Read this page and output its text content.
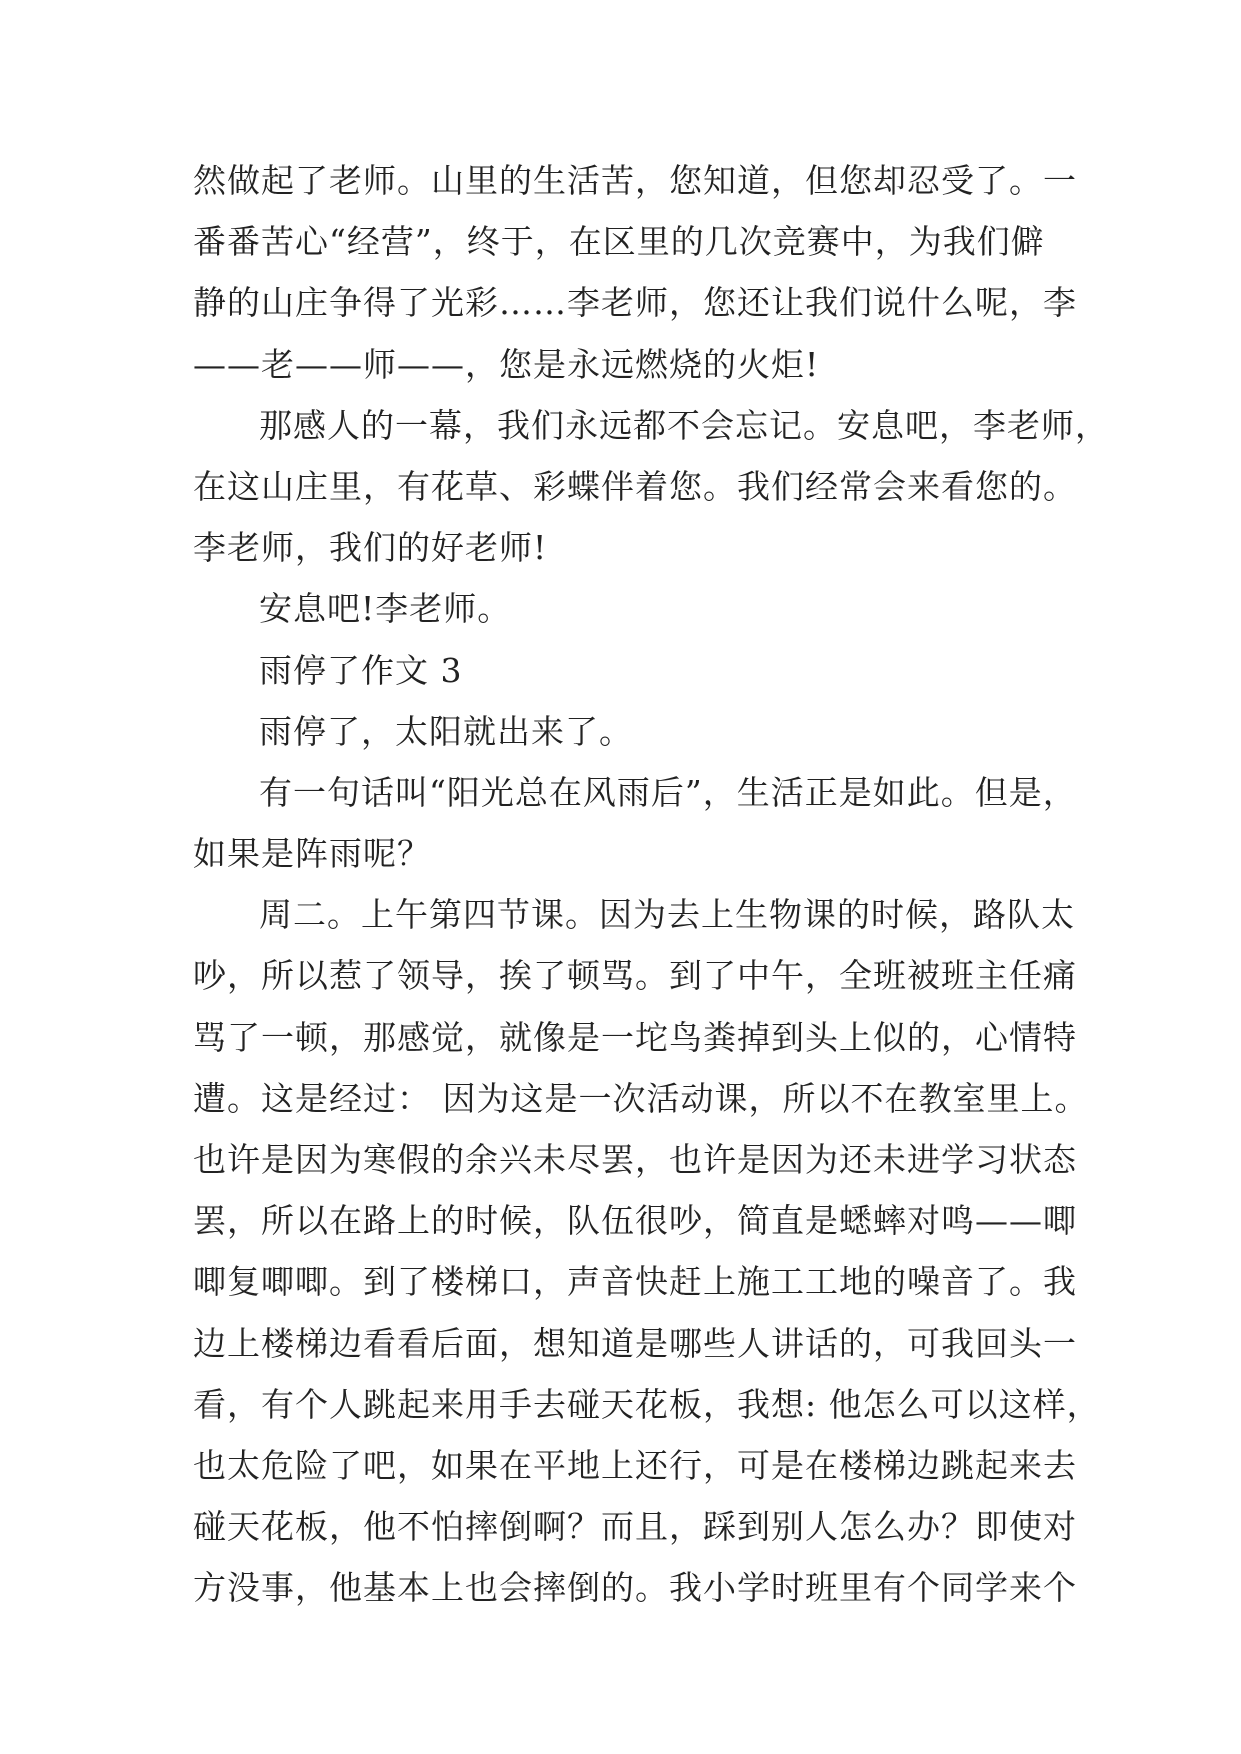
然做起了老师。山里的生活苦，您知道，但您却忍受了。一
番番苦心“经营”，终于，在区里的几次竞赛中，为我们僻
静的山庄争得了光彩……李老师，您还让我们说什么呢，李
——老——师——，您是永远燃烧的火炬!
那感人的一幕，我们永远都不会忘记。安息吧，李老师，
在这山庄里，有花草、彩蝶伴着您。我们经常会来看您的。
李老师，我们的好老师!
安息吧!李老师。
雨停了作文 3
雨停了，太阳就出来了。
有一句话叫“阳光总在风雨后”，生活正是如此。但是，
如果是阵雨呢？
周二。上午第四节课。因为去上生物课的时候，路队太
吵，所以惹了领导，挨了顿骂。到了中午，全班被班主任痛
骂了一顿，那感觉，就像是一坨鸟粪掉到头上似的，心情特
遭。这是经过： 因为这是一次活动课，所以不在教室里上。
也许是因为寒假的余兴未尽罢，也许是因为还未进学习状态
罢，所以在路上的时候，队伍很吵，简直是蟋蟀对鸣——唧
唧复唧唧。到了楼梯口，声音快赶上施工工地的噪音了。我
边上楼梯边看看后面，想知道是哪些人讲话的，可我回头一
看，有个人跳起来用手去碰天花板，我想: 他怎么可以这样，
也太危险了吧，如果在平地上还行，可是在楼梯边跳起来去
碰天花板，他不怕摔倒啊？而且，踩到别人怎么办？即使对
方没事，他基本上也会摔倒的。我小学时班里有个同学来个
